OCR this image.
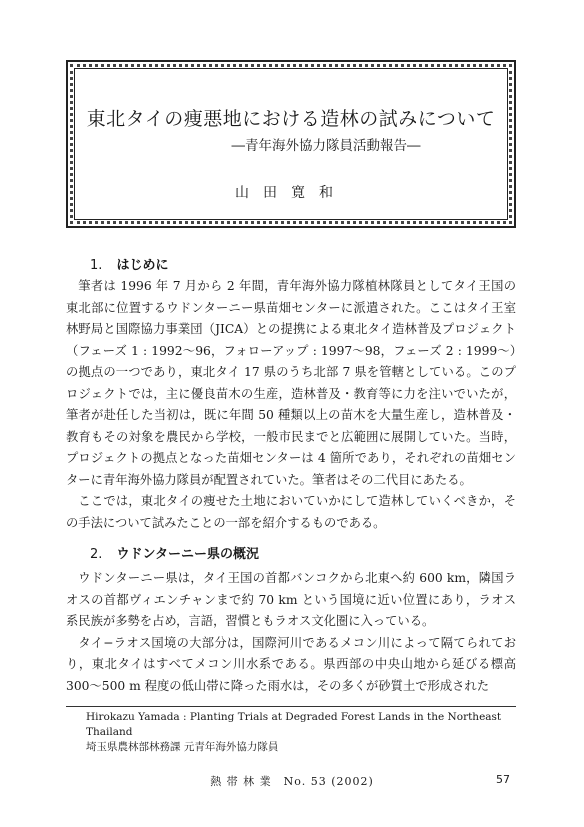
東北タイの痩悪地における造林の試みについて
―青年海外協力隊員活動報告―
山田寛和
1. はじめに

筆者は 1996 年 7 月から 2 年間，青年海外協力隊植林隊員としてタイ王国の東北部に位置するウドンターニー県苗畑センターに派遣された。ここはタイ王室林野局と国際協力事業団（JICA）との提携による東北タイ造林普及プロジェクト（フェーズ 1 : 1992〜96，フォローアップ : 1997〜98，フェーズ 2 : 1999〜）の拠点の一つであり，東北タイ 17 県のうち北部 7 県を管轄としている。このプロジェクトでは，主に優良苗木の生産，造林普及・教育等に力を注いでいたが，筆者が赴任した当初は，既に年間 50 種類以上の苗木を大量生産し，造林普及・教育もその対象を農民から学校，一般市民までと広範囲に展開していた。当時，プロジェクトの拠点となった苗畑センターは 4 箇所であり，それぞれの苗畑センターに青年海外協力隊員が配置されていた。筆者はその二代目にあたる。

ここでは，東北タイの痩せた土地においていかにして造林していくべきか，その手法について試みたことの一部を紹介するものである。

2. ウドンターニー県の概況

ウドンターニー県は，タイ王国の首都バンコクから北東へ約 600 km，隣国ラオスの首都ヴィエンチャンまで約 70 km という国境に近い位置にあり，ラオス系民族が多勢を占め，言語，習慣ともラオス文化圏に入っている。

タイ−ラオス国境の大部分は，国際河川であるメコン川によって隔てられており，東北タイはすべてメコン川水系である。県西部の中央山地から延びる標高 300〜500 m 程度の低山帯に降った雨水は，その多くが砂質土で形成された

Hirokazu Yamada : Planting Trials at Degraded Forest Lands in the Northeast
Thailand
埼玉県農林部林務課 元青年海外協力隊員
熱 帯 林 業　No. 53 (2002)	57
